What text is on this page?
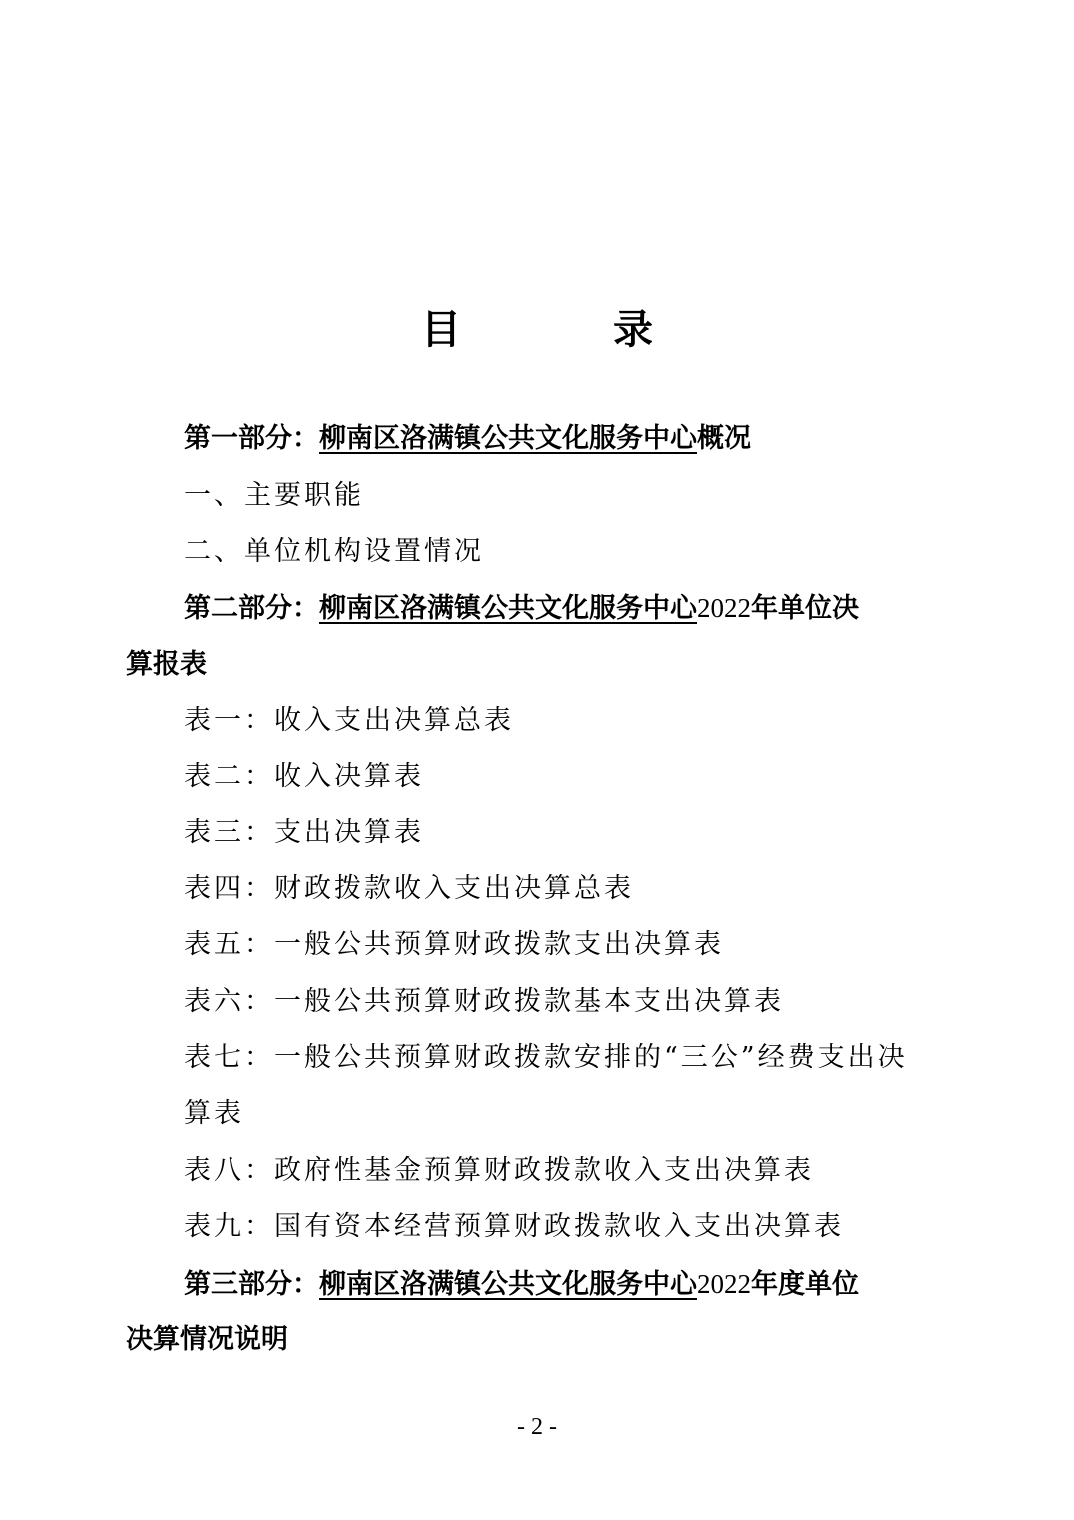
目　录
第一部分：柳南区洛满镇公共文化服务中心概况
一、主要职能
二、单位机构设置情况
第二部分：柳南区洛满镇公共文化服务中心2022年单位决
算报表
表一：收入支出决算总表
表二：收入决算表
表三：支出决算表
表四：财政拨款收入支出决算总表
表五：一般公共预算财政拨款支出决算表
表六：一般公共预算财政拨款基本支出决算表
表七：一般公共预算财政拨款安排的“三公”经费支出决
算表
表八：政府性基金预算财政拨款收入支出决算表
表九：国有资本经营预算财政拨款收入支出决算表
第三部分：柳南区洛满镇公共文化服务中心2022年度单位
决算情况说明
- 2 -
